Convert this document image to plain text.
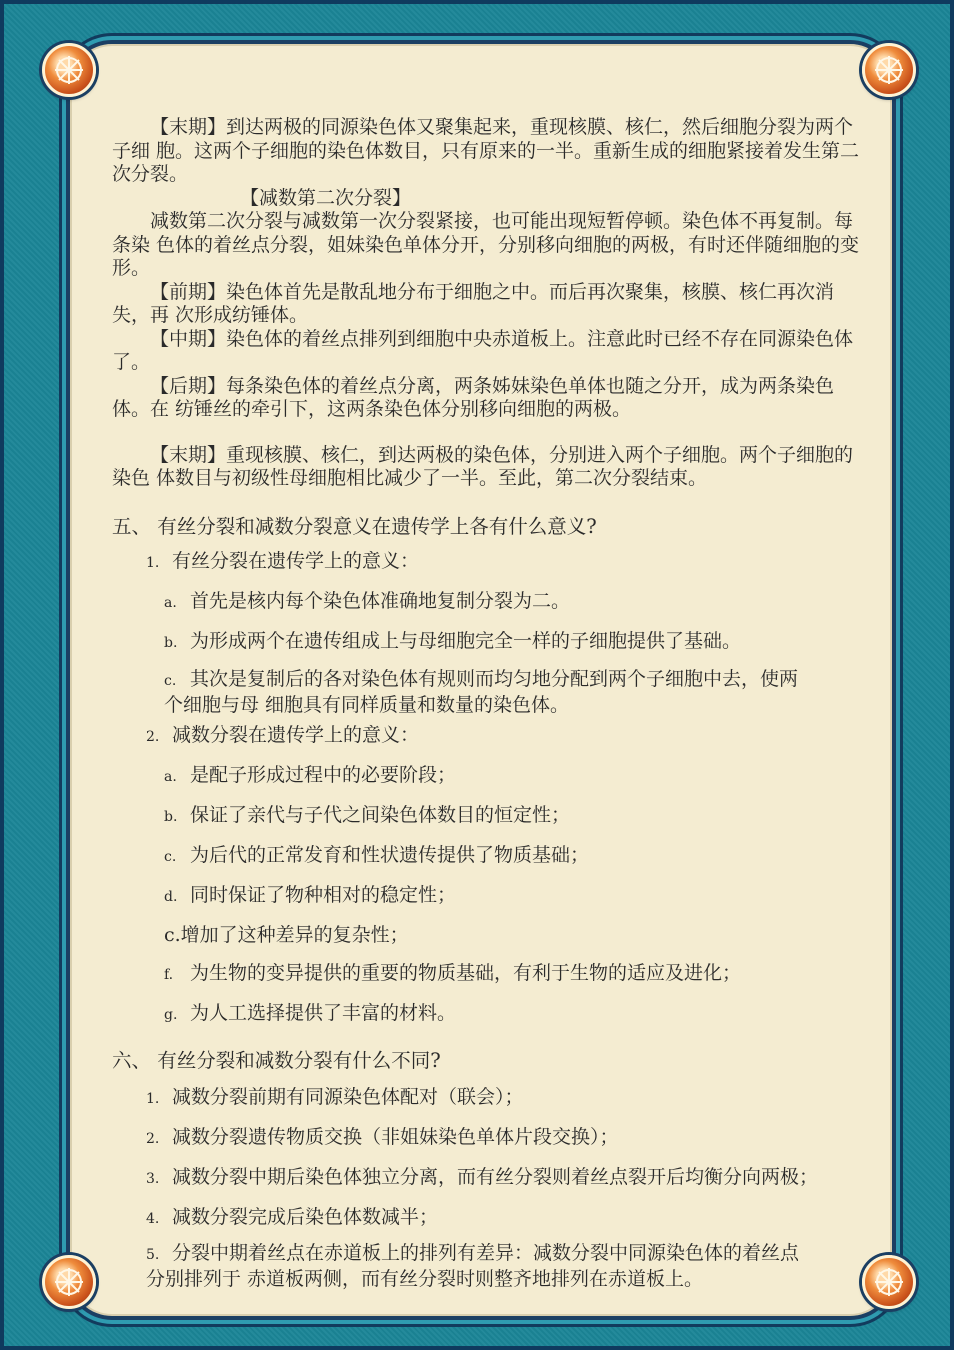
【末期】到达两极的同源染色体又聚集起来，重现核膜、核仁，然后细胞分裂为两个子细 胞。这两个子细胞的染色体数目，只有原来的一半。重新生成的细胞紧接着发生第二次分裂。

【减数第二次分裂】

减数第二次分裂与减数第一次分裂紧接，也可能出现短暂停顿。染色体不再复制。每条染 色体的着丝点分裂，姐妹染色单体分开，分别移向细胞的两极，有时还伴随细胞的变形。

【前期】染色体首先是散乱地分布于细胞之中。而后再次聚集，核膜、核仁再次消失，再 次形成纺锤体。

【中期】染色体的着丝点排列到细胞中央赤道板上。注意此时已经不存在同源染色体了。

【后期】每条染色体的着丝点分离，两条姊妹染色单体也随之分开，成为两条染色体。在 纺锤丝的牵引下，这两条染色体分别移向细胞的两极。

【末期】重现核膜、核仁，到达两极的染色体，分别进入两个子细胞。两个子细胞的染色 体数目与初级性母细胞相比减少了一半。至此，第二次分裂结束。

五、 有丝分裂和减数分裂意义在遗传学上各有什么意义?

1. 有丝分裂在遗传学上的意义：

a. 首先是核内每个染色体准确地复制分裂为二。

b. 为形成两个在遗传组成上与母细胞完全一样的子细胞提供了基础。

c. 其次是复制后的各对染色体有规则而均匀地分配到两个子细胞中去，使两
个细胞与母 细胞具有同样质量和数量的染色体。

2. 减数分裂在遗传学上的意义：

a. 是配子形成过程中的必要阶段；

b. 保证了亲代与子代之间染色体数目的恒定性；

c. 为后代的正常发育和性状遗传提供了物质基础；

d. 同时保证了物种相对的稳定性；

c.增加了这种差异的复杂性；

f. 为生物的变异提供的重要的物质基础，有利于生物的适应及进化；

g. 为人工选择提供了丰富的材料。

六、 有丝分裂和减数分裂有什么不同?

1. 减数分裂前期有同源染色体配对（联会）；

2. 减数分裂遗传物质交换（非姐妹染色单体片段交换）；

3. 减数分裂中期后染色体独立分离，而有丝分裂则着丝点裂开后均衡分向两极；

4. 减数分裂完成后染色体数减半；

5. 分裂中期着丝点在赤道板上的排列有差异：减数分裂中同源染色体的着丝点
分别排列于 赤道板两侧，而有丝分裂时则整齐地排列在赤道板上。
